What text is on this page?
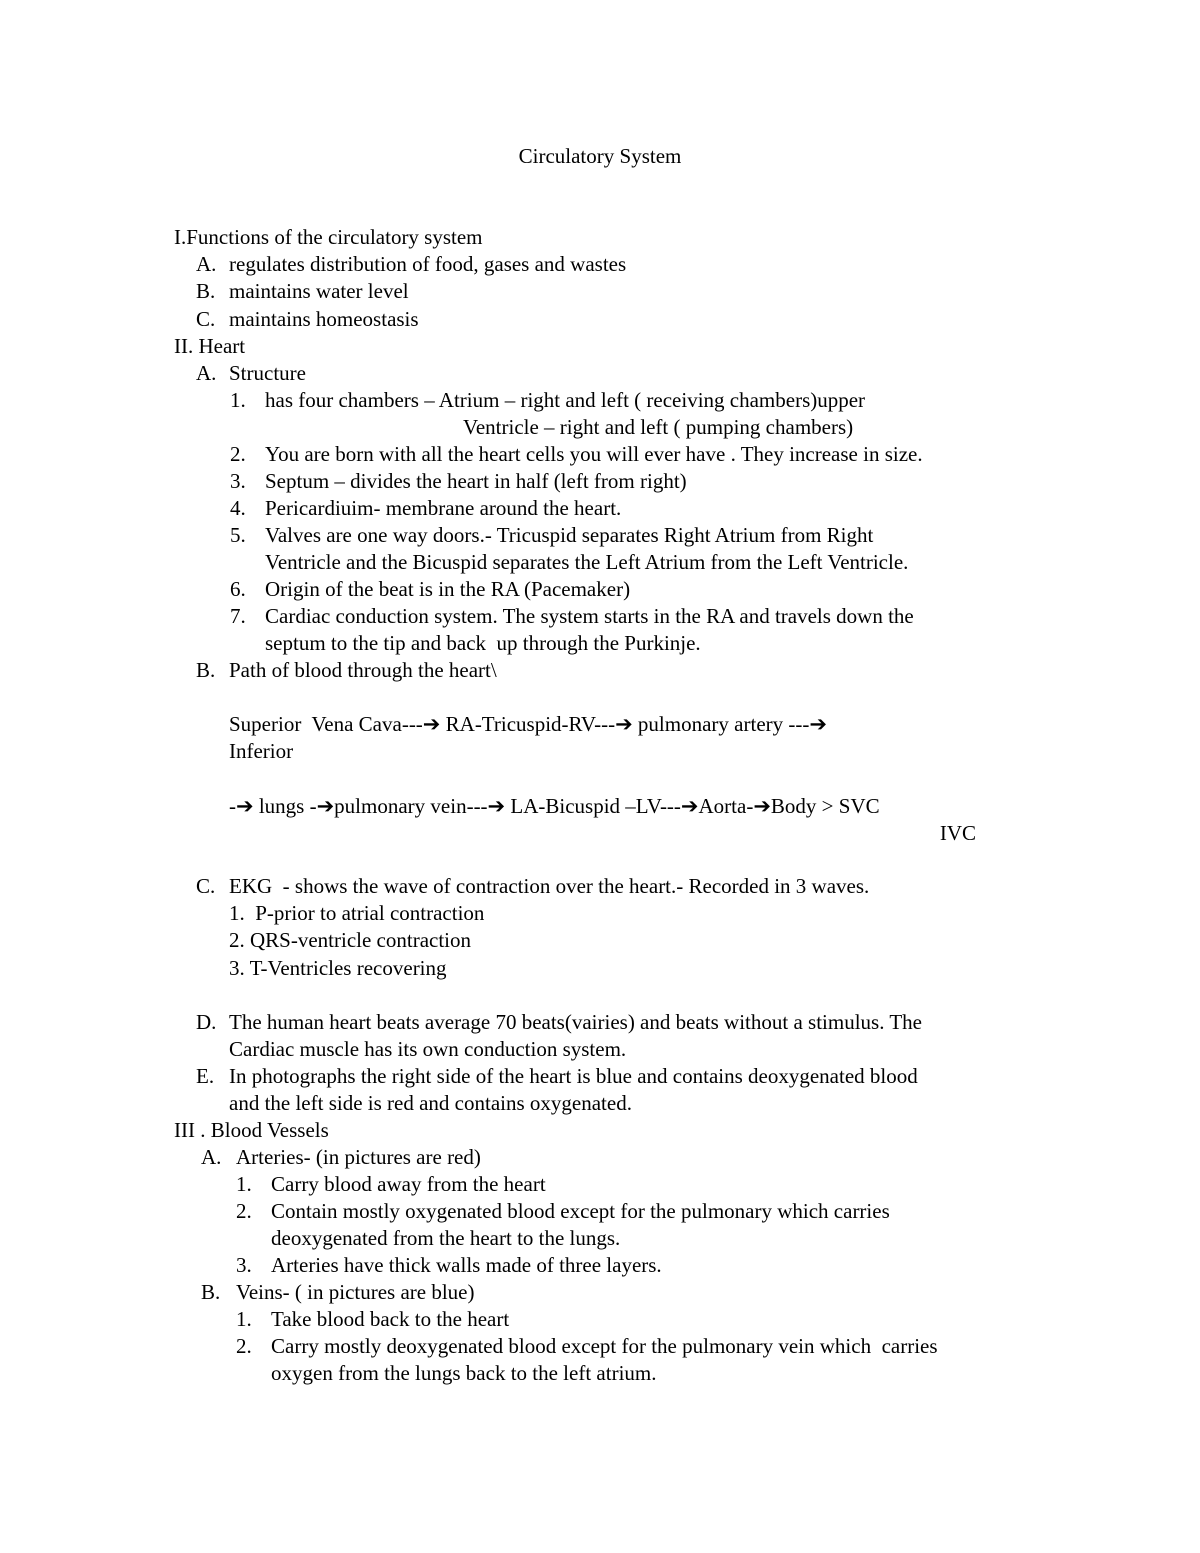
Circulatory System
I.Functions of the circulatory system
A. regulates distribution of food, gases and wastes
B. maintains water level
C. maintains homeostasis
II. Heart
A. Structure
1. has four chambers – Atrium – right and left ( receiving chambers)upper
Ventricle – right and left ( pumping chambers)
2. You are born with all the heart cells you will ever have . They increase in size.
3. Septum – divides the heart in half (left from right)
4. Pericardiuim- membrane around the heart.
5. Valves are one way doors.- Tricuspid separates Right Atrium from Right
Ventricle and the Bicuspid separates the Left Atrium from the Left Ventricle.
6. Origin of the beat is in the RA (Pacemaker)
7. Cardiac conduction system. The system starts in the RA and travels down the
septum to the tip and back  up through the Purkinje.
B. Path of blood through the heart\
Superior  Vena Cava---➔ RA-Tricuspid-RV---➔ pulmonary artery ---➔
Inferior
-➔ lungs -➔pulmonary vein---➔ LA-Bicuspid –LV---➔Aorta-➔Body > SVC
IVC
C. EKG  - shows the wave of contraction over the heart.- Recorded in 3 waves.
1.  P-prior to atrial contraction
2. QRS-ventricle contraction
3. T-Ventricles recovering
D. The human heart beats average 70 beats(vairies) and beats without a stimulus. The
Cardiac muscle has its own conduction system.
E. In photographs the right side of the heart is blue and contains deoxygenated blood
and the left side is red and contains oxygenated.
III . Blood Vessels
A. Arteries- (in pictures are red)
1. Carry blood away from the heart
2. Contain mostly oxygenated blood except for the pulmonary which carries
deoxygenated from the heart to the lungs.
3. Arteries have thick walls made of three layers.
B. Veins- ( in pictures are blue)
1. Take blood back to the heart
2. Carry mostly deoxygenated blood except for the pulmonary vein which  carries
oxygen from the lungs back to the left atrium.
